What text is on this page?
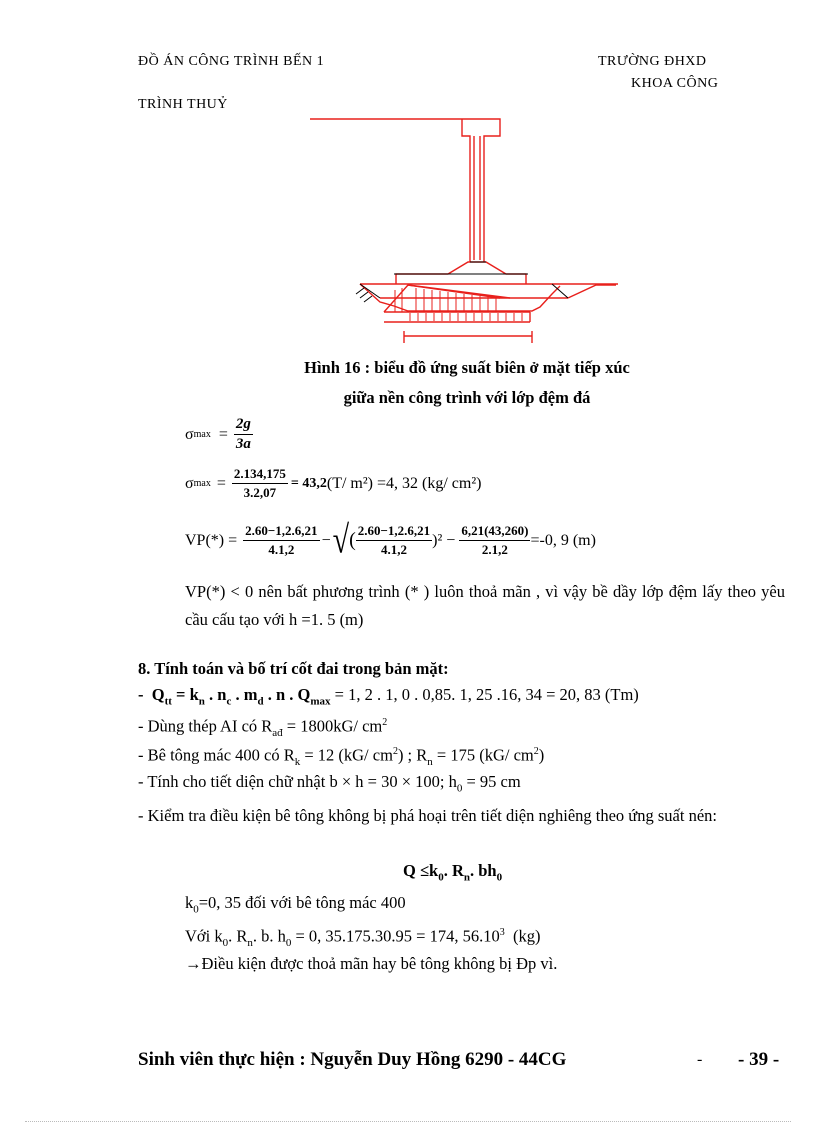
ĐỒ ÁN CÔNG TRÌNH BẾN 1
TRÌNH THUỶ
TRƯỜNG ĐHXD
KHOA CÔNG
Hình 16 : biểu đồ ứng suất biên ở mặt tiếp xúc
giữa nền công trình với lớp đệm đá
σ $\max = \frac{2g}{3a}$
σ $\max = \frac{2.134,175}{3.2,07} = 43,2$ (T/ m²) =4, 32 (kg/ cm²)
$VP(*) = \frac{2.60-1,2.6,21}{4.1,2}$ − √ ( $\frac{2.60-1,2.6,21}{4.1,2} )^2 - \frac{6,21(43,260)}{2.1,2} =-0$, 9 (m)
VP(*) < 0 nên bất phương trình (* ) luôn thoả mãn , vì vậy bề dầy lớp đệm lấy theo yêu cầu cấu tạo với h =1. 5 (m)
8. Tính toán và bố trí cốt đai trong bản mặt:
-  $Q_{tt} = k_n$ . $n_c$ . $m_d$ . n . $Q_{max} = 1$, 2 . 1, 0 . 0,85. 1, 25 .16, 34 = 20, 83 (Tm)
- Dùng thép AI có $R_{ađ} = 1800kG/$ $cm^2$
- Bê tông mác 400 có $R_k = 12$ (kG/ $cm^2$) ; $R_n = 175$ (kG/ $cm^2$)
- Tính cho tiết diện chữ nhật b × h = 30 × 100; $h_0 = 95$ cm
- Kiểm tra điều kiện bê tông không bị phá hoại trên tiết diện nghiêng theo ứng suất nén:
$Q \le k_0$. $R_n$. $bh_0$
$k_0=0$, 35 đối với bê tông mác 400
Với $k_0$. $R_n$. b. $h_0 = 0$, 35.175.30.95 = 174, 56.10$^3$  (kg)
→Điều kiện được thoả mãn hay bê tông không bị Đp vì.
Sinh viên thực hiện : Nguyễn Duy Hồng 6290 - 44CG	- - 39 -
